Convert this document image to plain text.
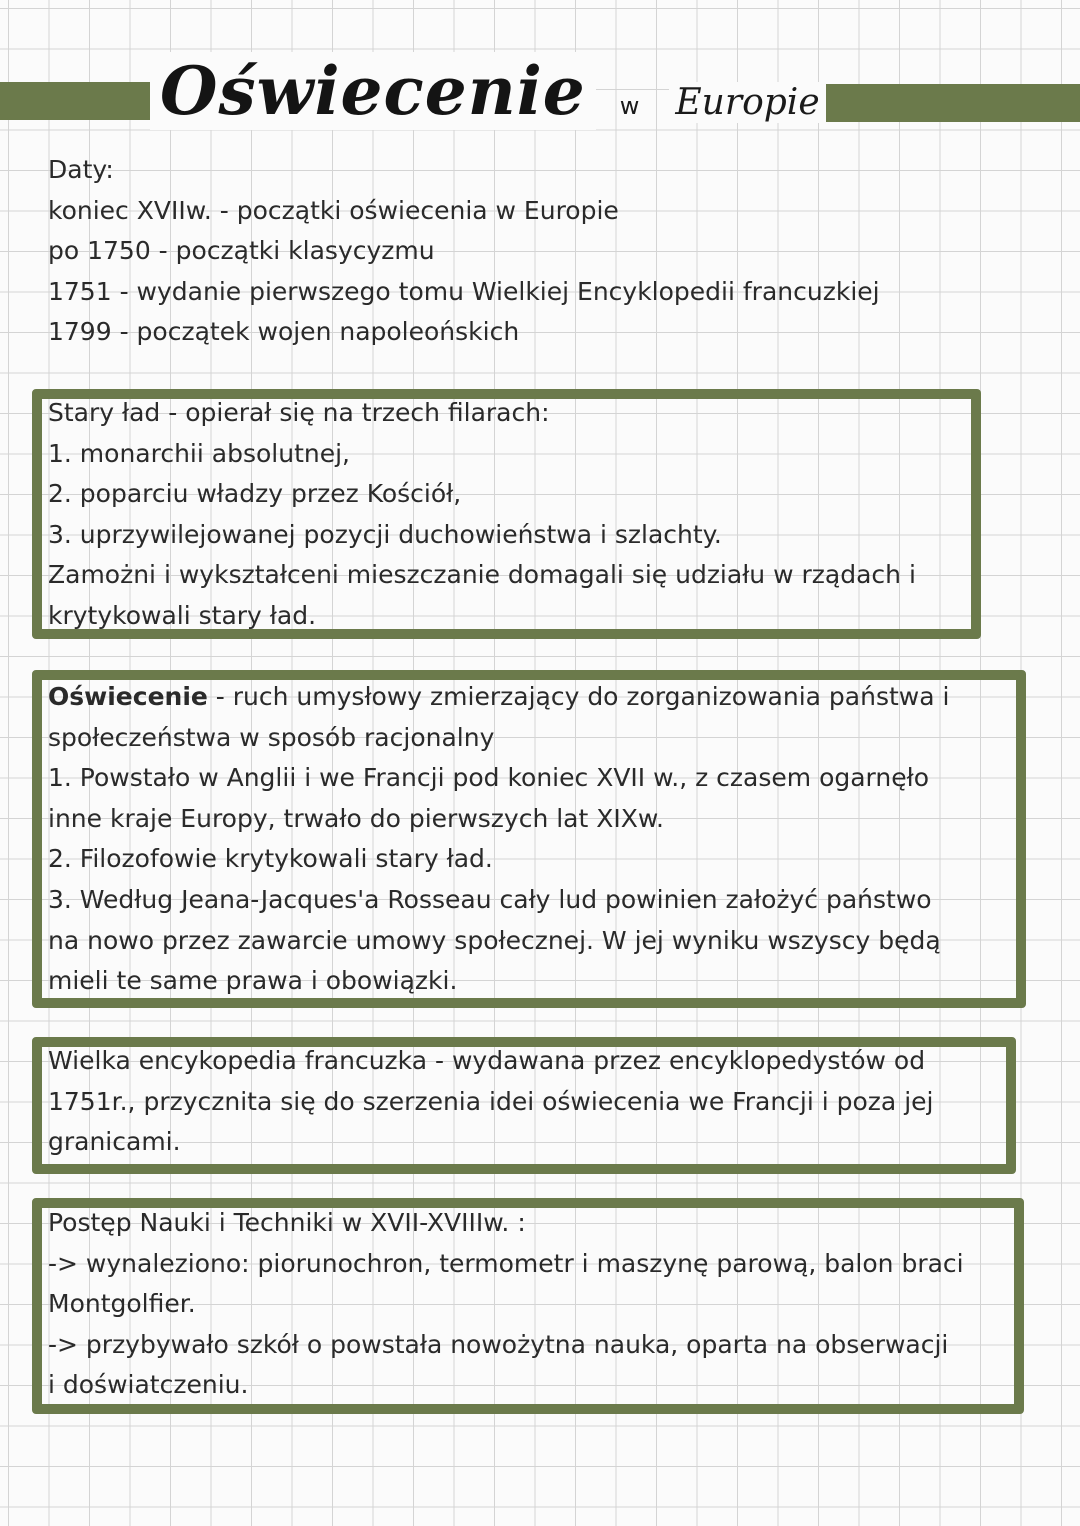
Oświecenie w Europie
Daty:
koniec XVIIw. - początki oświecenia w Europie
po 1750 - początki klasycyzmu
1751 - wydanie pierwszego tomu Wielkiej Encyklopedii francuzkiej
1799 - początek wojen napoleońskich
Stary ład - opierał się na trzech filarach:
1. monarchii absolutnej,
2. poparciu władzy przez Kościół,
3. uprzywilejowanej pozycji duchowieństwa i szlachty.
Zamożni i wykształceni mieszczanie domagali się udziału w rządach i
krytykowali stary ład.
Oświecenie - ruch umysłowy zmierzający do zorganizowania państwa i
społeczeństwa w sposób racjonalny
1. Powstało w Anglii i we Francji pod koniec XVII w., z czasem ogarnęło
inne kraje Europy, trwało do pierwszych lat XIXw.
2. Filozofowie krytykowali stary ład.
3. Według Jeana-Jacques'a Rosseau cały lud powinien założyć państwo
na nowo przez zawarcie umowy społecznej. W jej wyniku wszyscy będą
mieli te same prawa i obowiązki.
Wielka encykopedia francuzka - wydawana przez encyklopedystów od
1751r., przycznita się do szerzenia idei oświecenia we Francji i poza jej
granicami.
Postęp Nauki i Techniki w XVII-XVIIIw. :
-> wynaleziono: piorunochron, termometr i maszynę parową, balon braci
Montgolfier.
-> przybywało szkół o powstała nowożytna nauka, oparta na obserwacji
i doświatczeniu.
